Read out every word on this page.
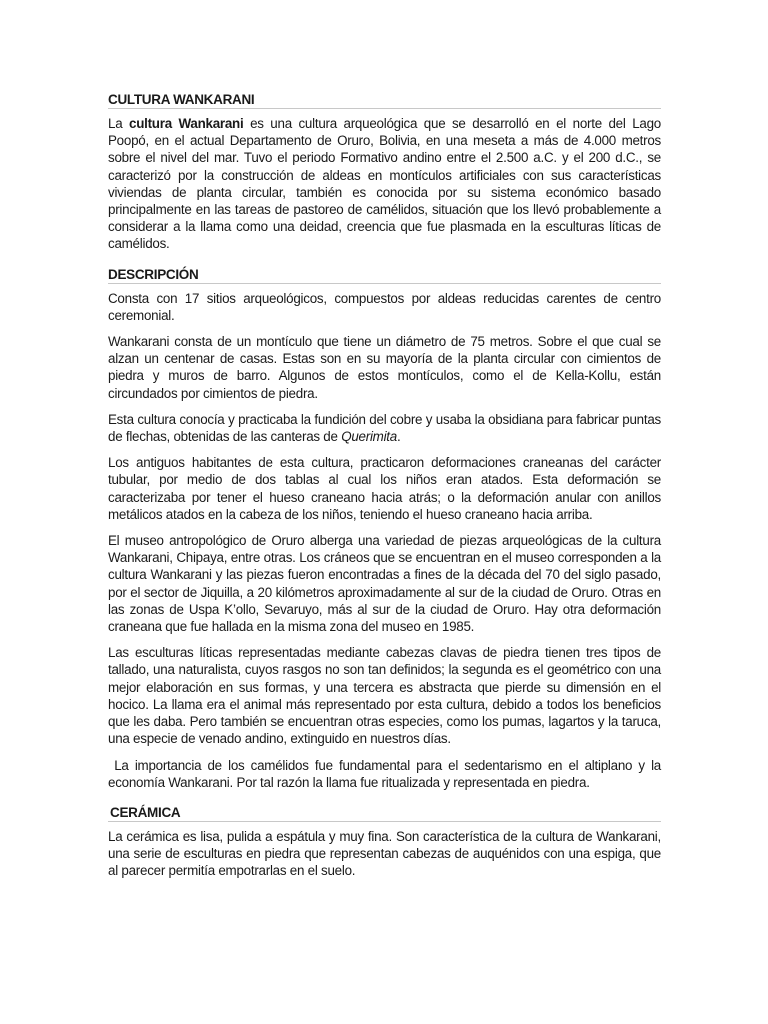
CULTURA WANKARANI

La cultura Wankarani es una cultura arqueológica que se desarrolló en el norte del Lago Poopó, en el actual Departamento de Oruro, Bolivia, en una meseta a más de 4.000 metros sobre el nivel del mar. Tuvo el periodo Formativo andino entre el 2.500 a.C. y el 200 d.C., se caracterizó por la construcción de aldeas en montículos artificiales con sus características viviendas de planta circular, también es conocida por su sistema económico basado principalmente en las tareas de pastoreo de camélidos, situación que los llevó probablemente a considerar a la llama como una deidad, creencia que fue plasmada en la esculturas líticas de camélidos.

DESCRIPCIÓN

Consta con 17 sitios arqueológicos, compuestos por aldeas reducidas carentes de centro ceremonial.

Wankarani consta de un montículo que tiene un diámetro de 75 metros. Sobre el que cual se alzan un centenar de casas. Estas son en su mayoría de la planta circular con cimientos de piedra y muros de barro. Algunos de estos montículos, como el de Kella-Kollu, están circundados por cimientos de piedra.

Esta cultura conocía y practicaba la fundición del cobre y usaba la obsidiana para fabricar puntas de flechas, obtenidas de las canteras de Querimita.

Los antiguos habitantes de esta cultura, practicaron deformaciones craneanas del carácter tubular, por medio de dos tablas al cual los niños eran atados. Esta deformación se caracterizaba por tener el hueso craneano hacia atrás; o la deformación anular con anillos metálicos atados en la cabeza de los niños, teniendo el hueso craneano hacia arriba.

El museo antropológico de Oruro alberga una variedad de piezas arqueológicas de la cultura Wankarani, Chipaya, entre otras. Los cráneos que se encuentran en el museo corresponden a la cultura Wankarani y las piezas fueron encontradas a fines de la década del 70 del siglo pasado, por el sector de Jiquilla, a 20 kilómetros aproximadamente al sur de la ciudad de Oruro. Otras en las zonas de Uspa K’ollo, Sevaruyo, más al sur de la ciudad de Oruro. Hay otra deformación craneana que fue hallada en la misma zona del museo en 1985.

Las esculturas líticas representadas mediante cabezas clavas de piedra tienen tres tipos de tallado, una naturalista, cuyos rasgos no son tan definidos; la segunda es el geométrico con una mejor elaboración en sus formas, y una tercera es abstracta que pierde su dimensión en el hocico. La llama era el animal más representado por esta cultura, debido a todos los beneficios que les daba. Pero también se encuentran otras especies, como los pumas, lagartos y la taruca, una especie de venado andino, extinguido en nuestros días.

La importancia de los camélidos fue fundamental para el sedentarismo en el altiplano y la economía Wankarani. Por tal razón la llama fue ritualizada y representada en piedra.

CERÁMICA

La cerámica es lisa, pulida a espátula y muy fina. Son característica de la cultura de Wankarani, una serie de esculturas en piedra que representan cabezas de auquénidos con una espiga, que al parecer permitía empotrarlas en el suelo.
